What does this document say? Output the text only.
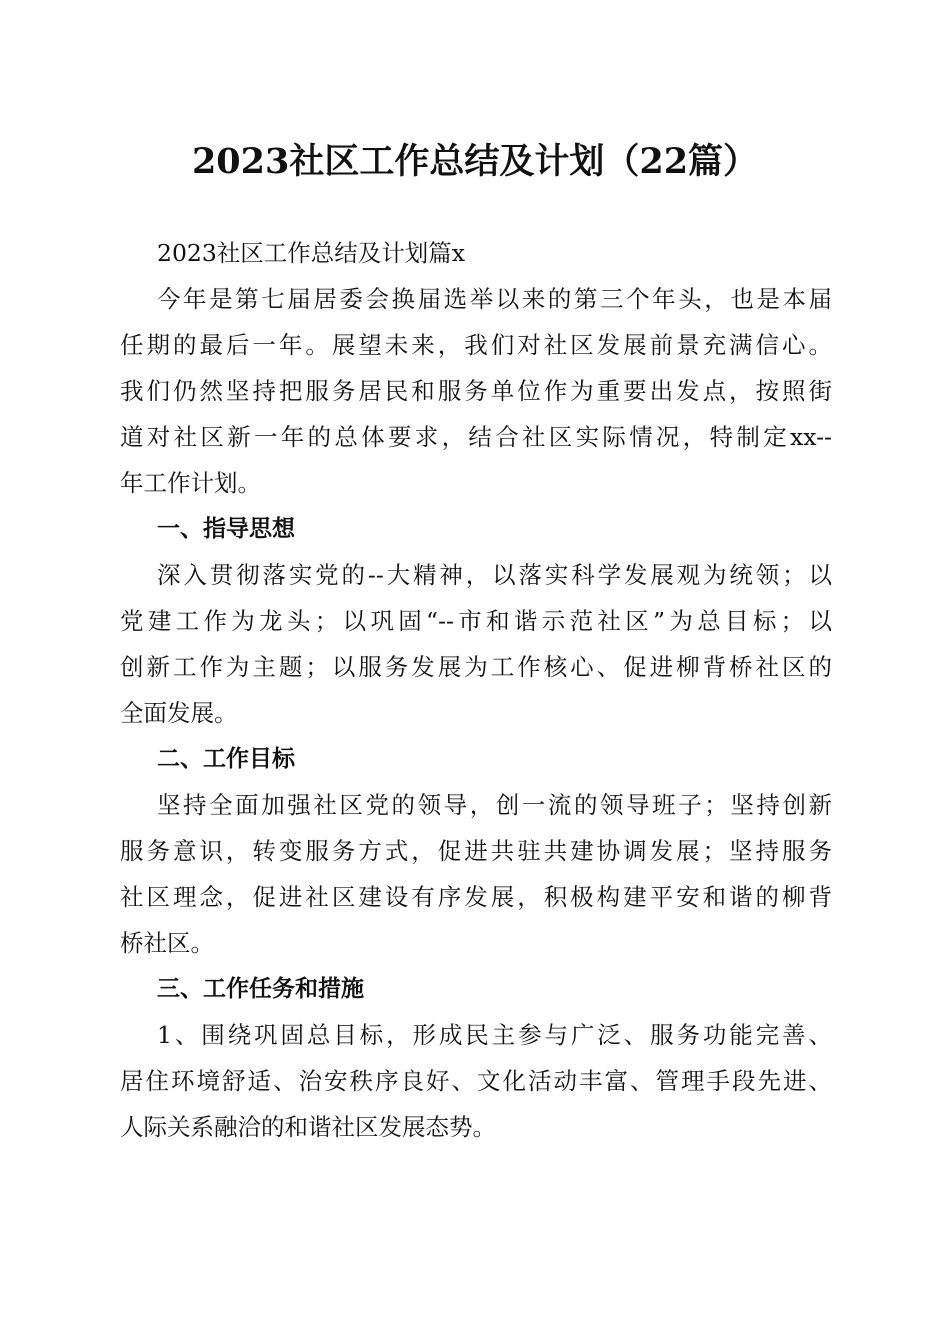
2023社区工作总结及计划（22篇）

2023社区工作总结及计划篇x

今年是第七届居委会换届选举以来的第三个年头，也是本届

任期的最后一年。展望未来，我们对社区发展前景充满信心。

我们仍然坚持把服务居民和服务单位作为重要出发点，按照街

道对社区新一年的总体要求，结合社区实际情况，特制定xx--

年工作计划。

一、指导思想

深入贯彻落实党的--大精神，以落实科学发展观为统领；以

党建工作为龙头；以巩固“--市和谐示范社区”为总目标；以

创新工作为主题；以服务发展为工作核心、促进柳背桥社区的

全面发展。

二、工作目标

坚持全面加强社区党的领导，创一流的领导班子；坚持创新

服务意识，转变服务方式，促进共驻共建协调发展；坚持服务

社区理念，促进社区建设有序发展，积极构建平安和谐的柳背

桥社区。

三、工作任务和措施

1、围绕巩固总目标，形成民主参与广泛、服务功能完善、

居住环境舒适、治安秩序良好、文化活动丰富、管理手段先进、

人际关系融洽的和谐社区发展态势。
